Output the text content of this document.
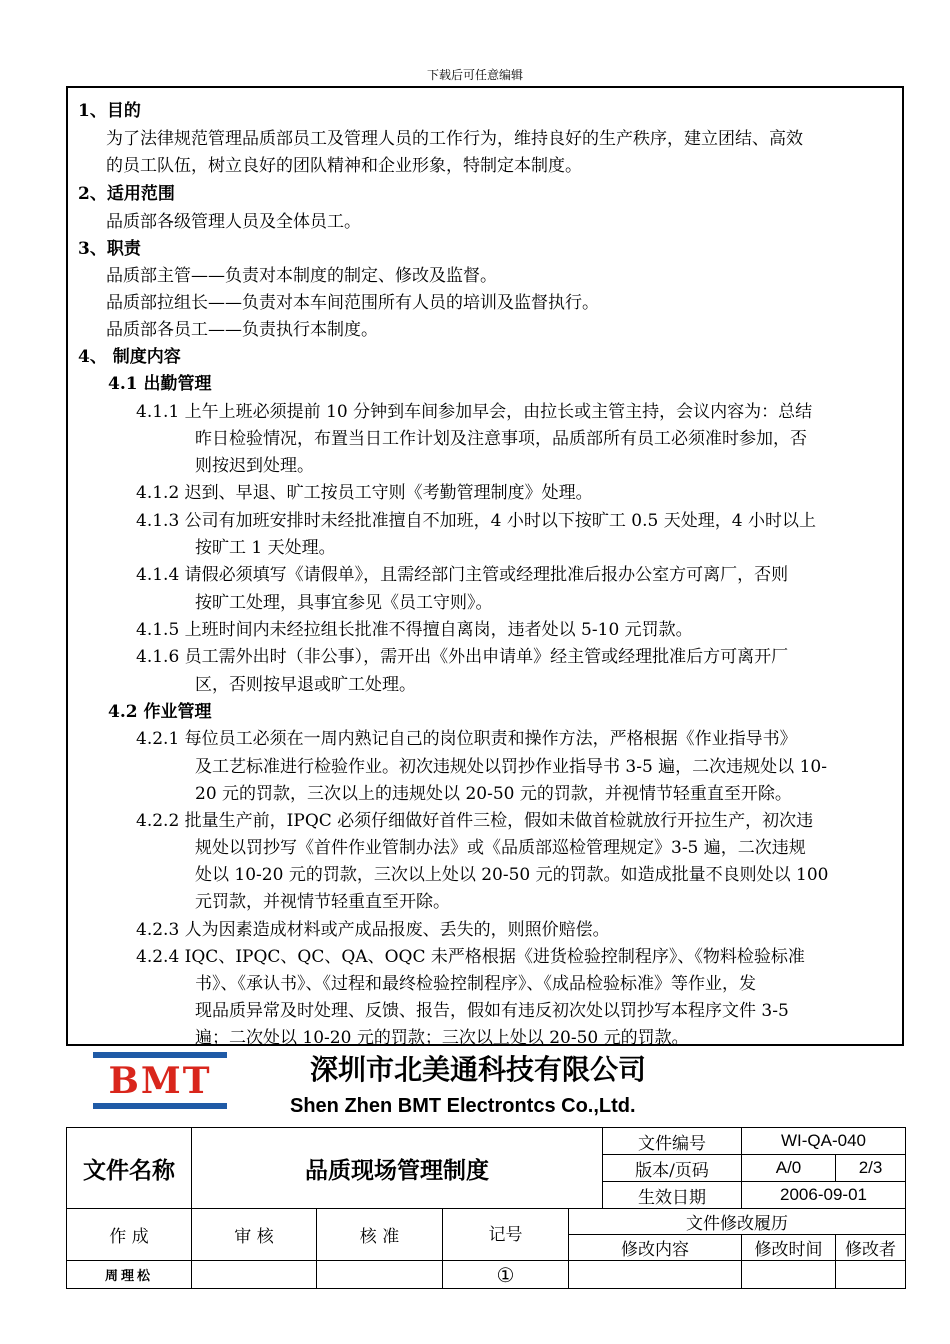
下载后可任意编辑
1、目的
为了法律规范管理品质部员工及管理人员的工作行为，维持良好的生产秩序，建立团结、高效
的员工队伍，树立良好的团队精神和企业形象，特制定本制度。
2、适用范围
品质部各级管理人员及全体员工。
3、职责
品质部主管——负责对本制度的制定、修改及监督。
品质部拉组长——负责对本车间范围所有人员的培训及监督执行。
品质部各员工——负责执行本制度。
4、 制度内容
4.1 出勤管理
4.1.1 上午上班必须提前 10 分钟到车间参加早会，由拉长或主管主持，会议内容为：总结
昨日检验情况，布置当日工作计划及注意事项，品质部所有员工必须准时参加，否
则按迟到处理。
4.1.2 迟到、早退、旷工按员工守则《考勤管理制度》处理。
4.1.3 公司有加班安排时未经批准擅自不加班，4 小时以下按旷工 0.5 天处理，4 小时以上
按旷工 1 天处理。
4.1.4 请假必须填写《请假单》，且需经部门主管或经理批准后报办公室方可离厂，否则
按旷工处理，具事宜参见《员工守则》。
4.1.5 上班时间内未经拉组长批准不得擅自离岗，违者处以 5-10 元罚款。
4.1.6 员工需外出时（非公事），需开出《外出申请单》经主管或经理批准后方可离开厂
区，否则按早退或旷工处理。
4.2 作业管理
4.2.1 每位员工必须在一周内熟记自己的岗位职责和操作方法，严格根据《作业指导书》
及工艺标准进行检验作业。初次违规处以罚抄作业指导书 3-5 遍，二次违规处以 10-
20 元的罚款，三次以上的违规处以 20-50 元的罚款，并视情节轻重直至开除。
4.2.2 批量生产前，IPQC 必须仔细做好首件三检，假如未做首检就放行开拉生产，初次违
规处以罚抄写《首件作业管制办法》或《品质部巡检管理规定》3-5 遍，二次违规
处以 10-20 元的罚款，三次以上处以 20-50 元的罚款。如造成批量不良则处以 100
元罚款，并视情节轻重直至开除。
4.2.3 人为因素造成材料或产成品报废、丢失的，则照价赔偿。
4.2.4 IQC、IPQC、QC、QA、OQC 未严格根据《进货检验控制程序》、《物料检验标准
书》、《承认书》、《过程和最终检验控制程序》、《成品检验标准》等作业，发
现品质异常及时处理、反馈、报告，假如有违反初次处以罚抄写本程序文件 3-5
遍；二次处以 10-20 元的罚款；三次以上处以 20-50 元的罚款。
BMT	深圳市北美通科技有限公司
Shen Zhen BMT Electrontcs Co.,Ltd.
文件名称	品质现场管理制度				文件编号	WI-QA-040	
					版本/页码	A/0	2/3
					生效日期	2006-09-01	
作 成	审 核	核 准	记号	文件修改履历			
				修改内容		修改时间	修改者
周理松			①				
